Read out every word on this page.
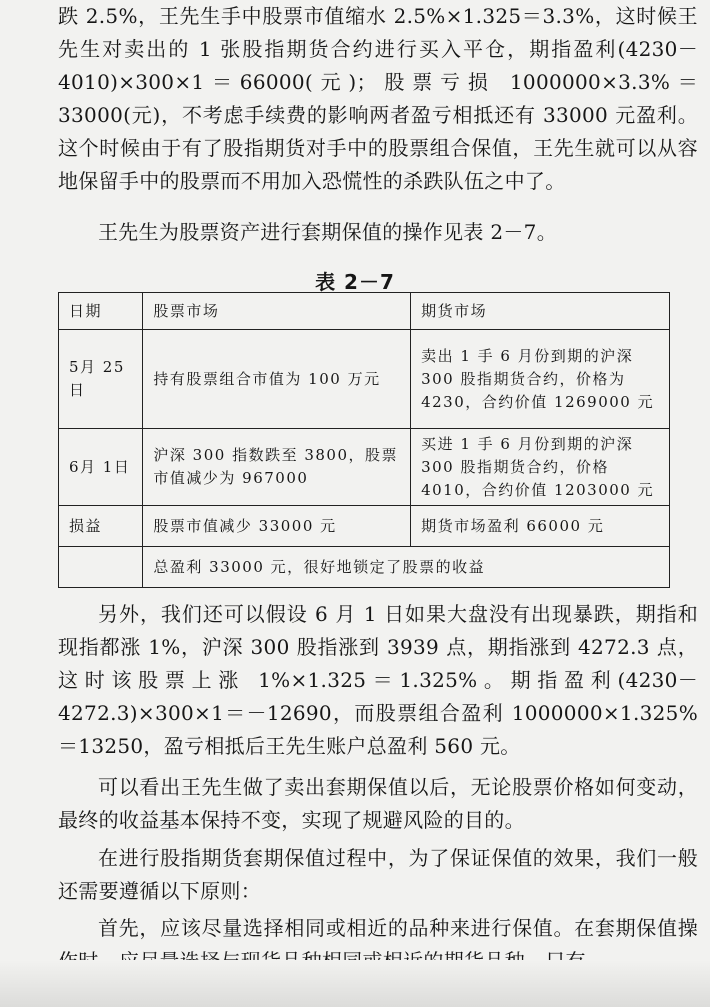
跌 2.5%，王先生手中股票市值缩水 2.5%×1.325＝3.3%，这时候王先生对卖出的 1 张股指期货合约进行买入平仓，期指盈利(4230－4010)×300×1＝66000(元)；股票亏损 1000000×3.3%＝33000(元)，不考虑手续费的影响两者盈亏相抵还有 33000 元盈利。这个时候由于有了股指期货对手中的股票组合保值，王先生就可以从容地保留手中的股票而不用加入恐慌性的杀跌队伍之中了。

王先生为股票资产进行套期保值的操作见表 2－7。

表 2－7
日期	股票市场	期货市场
5月 25日	持有股票组合市值为 100 万元	卖出 1 手 6 月份到期的沪深 300 股指期货合约，价格为 4230，合约价值 1269000 元
6月 1日	沪深 300 指数跌至 3800，股票市值减少为 967000	买进 1 手 6 月份到期的沪深 300 股指期货合约，价格 4010，合约价值 1203000 元
损益	股票市值减少 33000 元	期货市场盈利 66000 元
	总盈利 33000 元，很好地锁定了股票的收益	

另外，我们还可以假设 6 月 1 日如果大盘没有出现暴跌，期指和现指都涨 1%，沪深 300 股指涨到 3939 点，期指涨到 4272.3 点，这时该股票上涨 1%×1.325＝1.325%。期指盈利(4230－4272.3)×300×1＝－12690，而股票组合盈利 1000000×1.325%＝13250，盈亏相抵后王先生账户总盈利 560 元。

可以看出王先生做了卖出套期保值以后，无论股票价格如何变动，最终的收益基本保持不变，实现了规避风险的目的。

在进行股指期货套期保值过程中，为了保证保值的效果，我们一般还需要遵循以下原则：

首先，应该尽量选择相同或相近的品种来进行保值。在套期保值操
